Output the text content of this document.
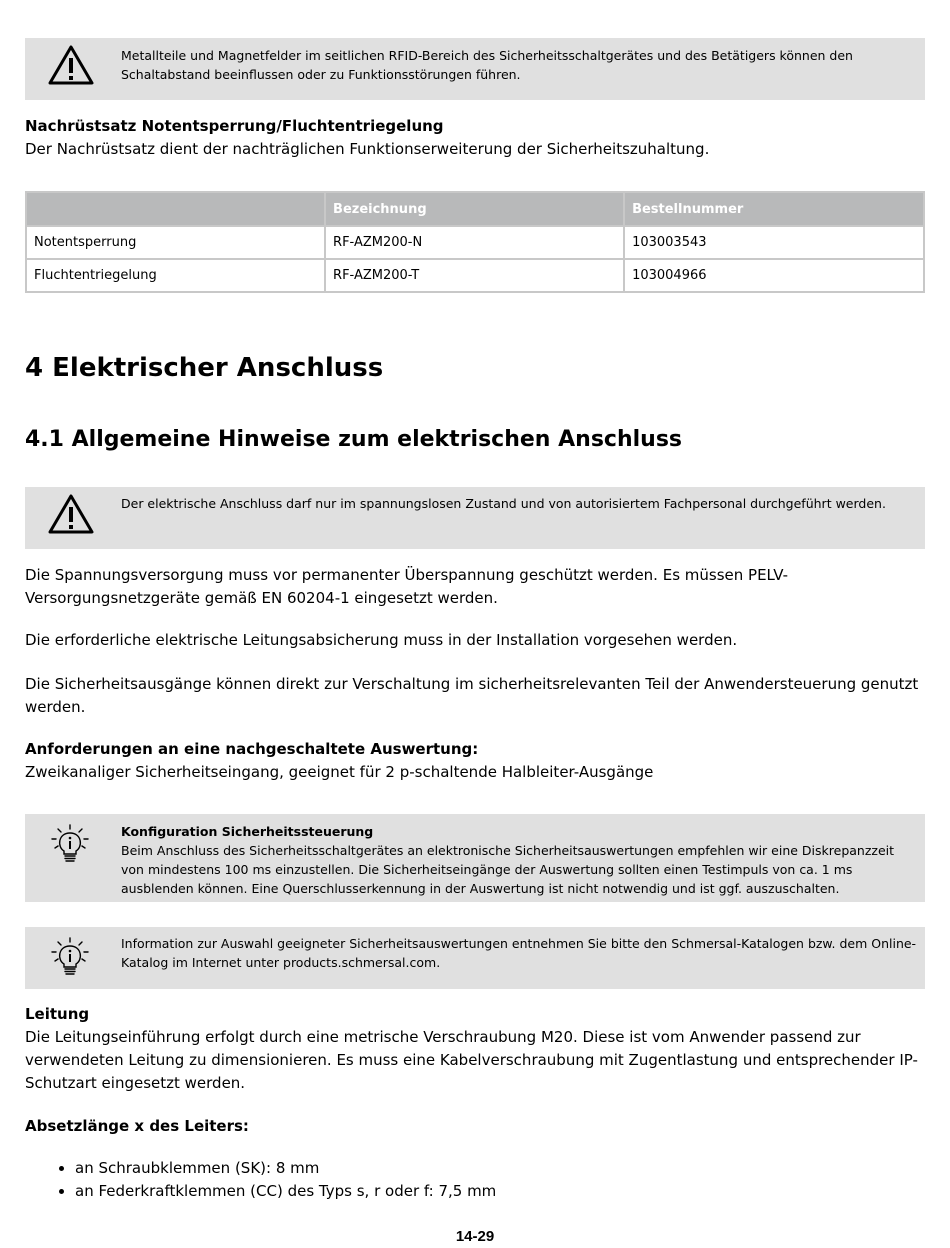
Metallteile und Magnetfelder im seitlichen RFID-Bereich des Sicherheitsschaltgerätes und des Betätigers können den Schaltabstand beeinflussen oder zu Funktionsstörungen führen.
Nachrüstsatz Notentsperrung/Fluchtentriegelung
Der Nachrüstsatz dient der nachträglichen Funktionserweiterung der Sicherheitszuhaltung.
	Bezeichnung	Bestellnummer
Notentsperrung	RF-AZM200-N	103003543
Fluchtentriegelung	RF-AZM200-T	103004966
4 Elektrischer Anschluss
4.1 Allgemeine Hinweise zum elektrischen Anschluss
Der elektrische Anschluss darf nur im spannungslosen Zustand und von autorisiertem Fachpersonal durchgeführt werden.
Die Spannungsversorgung muss vor permanenter Überspannung geschützt werden. Es müssen PELV-Versorgungsnetzgeräte gemäß EN 60204-1 eingesetzt werden.
Die erforderliche elektrische Leitungsabsicherung muss in der Installation vorgesehen werden.
Die Sicherheitsausgänge können direkt zur Verschaltung im sicherheitsrelevanten Teil der Anwendersteuerung genutzt werden.
Anforderungen an eine nachgeschaltete Auswertung:
Zweikanaliger Sicherheitseingang, geeignet für 2 p-schaltende Halbleiter-Ausgänge
Konfiguration Sicherheitssteuerung
Beim Anschluss des Sicherheitsschaltgerätes an elektronische Sicherheitsauswertungen empfehlen wir eine Diskrepanzzeit von mindestens 100 ms einzustellen. Die Sicherheitseingänge der Auswertung sollten einen Testimpuls von ca. 1 ms ausblenden können. Eine Querschlusserkennung in der Auswertung ist nicht notwendig und ist ggf. auszuschalten.
Information zur Auswahl geeigneter Sicherheitsauswertungen entnehmen Sie bitte den Schmersal-Katalogen bzw. dem Online-Katalog im Internet unter products.schmersal.com.
Leitung
Die Leitungseinführung erfolgt durch eine metrische Verschraubung M20. Diese ist vom Anwender passend zur verwendeten Leitung zu dimensionieren. Es muss eine Kabelverschraubung mit Zugentlastung und entsprechender IP-Schutzart eingesetzt werden.
Absetzlänge x des Leiters:
• an Schraubklemmen (SK): 8 mm
• an Federkraftklemmen (CC) des Typs s, r oder f: 7,5 mm
14-29
